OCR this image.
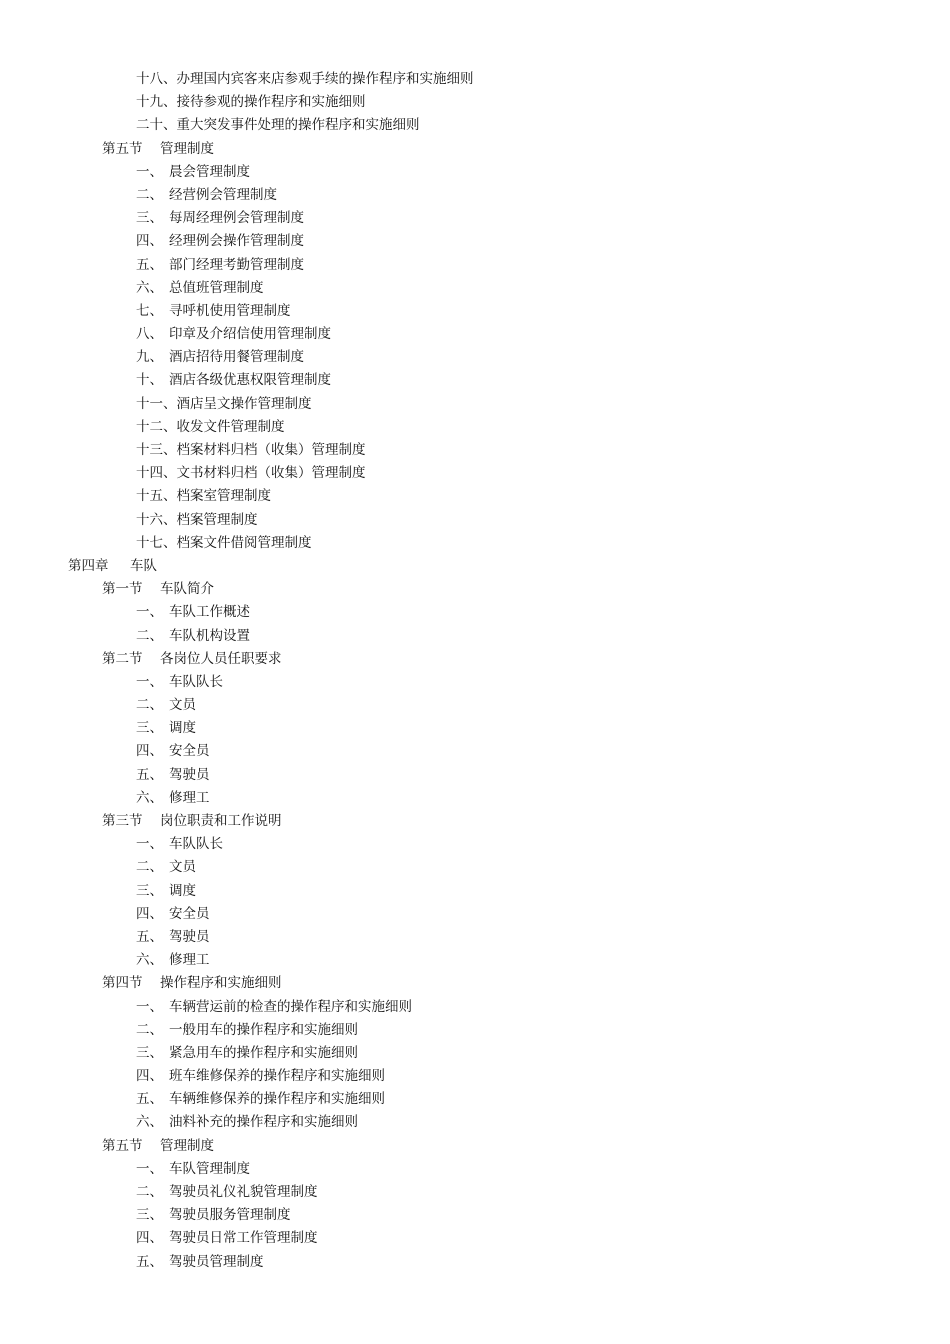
十八、办理国内宾客来店参观手续的操作程序和实施细则
十九、接待参观的操作程序和实施细则
二十、重大突发事件处理的操作程序和实施细则
第五节 管理制度
一、 晨会管理制度
二、 经营例会管理制度
三、 每周经理例会管理制度
四、 经理例会操作管理制度
五、 部门经理考勤管理制度
六、 总值班管理制度
七、 寻呼机使用管理制度
八、 印章及介绍信使用管理制度
九、 酒店招待用餐管理制度
十、 酒店各级优惠权限管理制度
十一、酒店呈文操作管理制度
十二、收发文件管理制度
十三、档案材料归档（收集）管理制度
十四、文书材料归档（收集）管理制度
十五、档案室管理制度
十六、档案管理制度
十七、档案文件借阅管理制度
第四章 车队
第一节 车队简介
一、 车队工作概述
二、 车队机构设置
第二节 各岗位人员任职要求
一、 车队队长
二、 文员
三、 调度
四、 安全员
五、 驾驶员
六、 修理工
第三节 岗位职责和工作说明
一、 车队队长
二、 文员
三、 调度
四、 安全员
五、 驾驶员
六、 修理工
第四节 操作程序和实施细则
一、 车辆营运前的检查的操作程序和实施细则
二、 一般用车的操作程序和实施细则
三、 紧急用车的操作程序和实施细则
四、 班车维修保养的操作程序和实施细则
五、 车辆维修保养的操作程序和实施细则
六、 油料补充的操作程序和实施细则
第五节 管理制度
一、 车队管理制度
二、 驾驶员礼仪礼貌管理制度
三、 驾驶员服务管理制度
四、 驾驶员日常工作管理制度
五、 驾驶员管理制度
